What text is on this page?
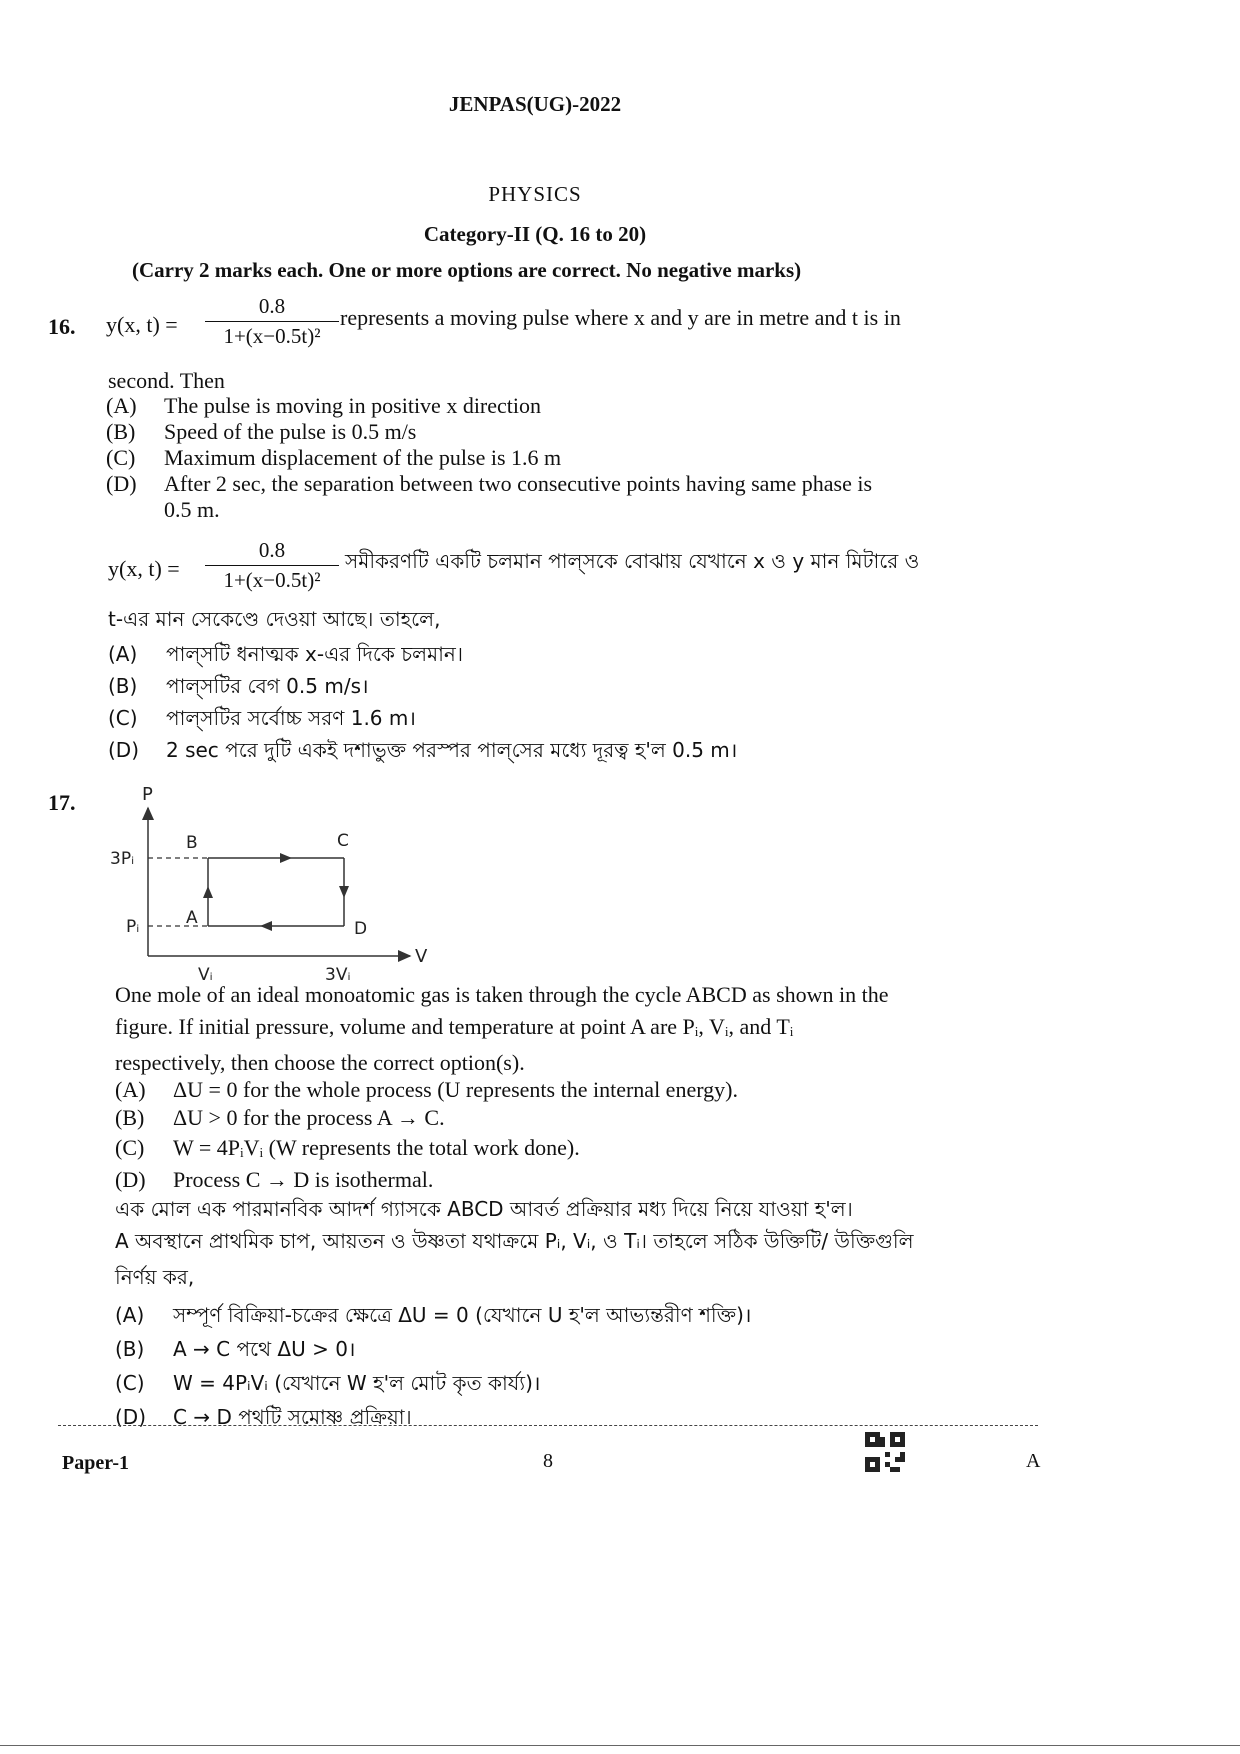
JENPAS(UG)-2022
PHYSICS
Category-II (Q. 16 to 20)
(Carry 2 marks each. One or more options are correct. No negative marks)
16. y(x, t) =
0.8
1+(x−0.5t)²
represents a moving pulse where x and y are in metre and t is in
second. Then
(A) The pulse is moving in positive x direction
(B) Speed of the pulse is 0.5 m/s
(C) Maximum displacement of the pulse is 1.6 m
(D) After 2 sec, the separation between two consecutive points having same phase is
0.5 m.
y(x, t) =
0.8
1+(x−0.5t)²
সমীকরণটি একটি চলমান পাল্‌সকে বোঝায় যেখানে x ও y মান মিটারে ও
t-এর মান সেকেণ্ডে দেওয়া আছে। তাহলে,
(A) পাল্‌সটি ধনাত্মক x-এর দিকে চলমান।
(B) পাল্‌সটির বেগ 0.5 m/s।
(C) পাল্‌সটির সর্বোচ্চ সরণ 1.6 m।
(D) 2 sec পরে দুটি একই দশাভুক্ত পরস্পর পাল্‌সের মধ্যে দূরত্ব হ'ল 0.5 m।
17.	P
V
3Pᵢ
Pᵢ
Vᵢ	3Vᵢ
A
B	C
D
One mole of an ideal monoatomic gas is taken through the cycle ABCD as shown in the
figure. If initial pressure, volume and temperature at point A are Pᵢ, Vᵢ, and Tᵢ
respectively, then choose the correct option(s).
(A) ΔU = 0 for the whole process (U represents the internal energy).
(B) ΔU > 0 for the process A → C.
(C) W = 4PᵢVᵢ (W represents the total work done).
(D) Process C → D is isothermal.
এক মোল এক পারমানবিক আদর্শ গ্যাসকে ABCD আবর্ত প্রক্রিয়ার মধ্য দিয়ে নিয়ে যাওয়া হ'ল।
A অবস্থানে প্রাথমিক চাপ, আয়তন ও উষ্ণতা যথাক্রমে Pᵢ, Vᵢ, ও Tᵢ। তাহলে সঠিক উক্তিটি/ উক্তিগুলি
নির্ণয় কর,
(A) সম্পূর্ণ বিক্রিয়া-চক্রের ক্ষেত্রে ΔU = 0 (যেখানে U হ'ল আভ্যন্তরীণ শক্তি)।
(B) A → C পথে ΔU > 0।
(C) W = 4PᵢVᵢ (যেখানে W হ'ল মোট কৃত কার্য্য)।
(D) C → D পথটি সমোষ্ণ প্রক্রিয়া।
Paper-1	8	A
